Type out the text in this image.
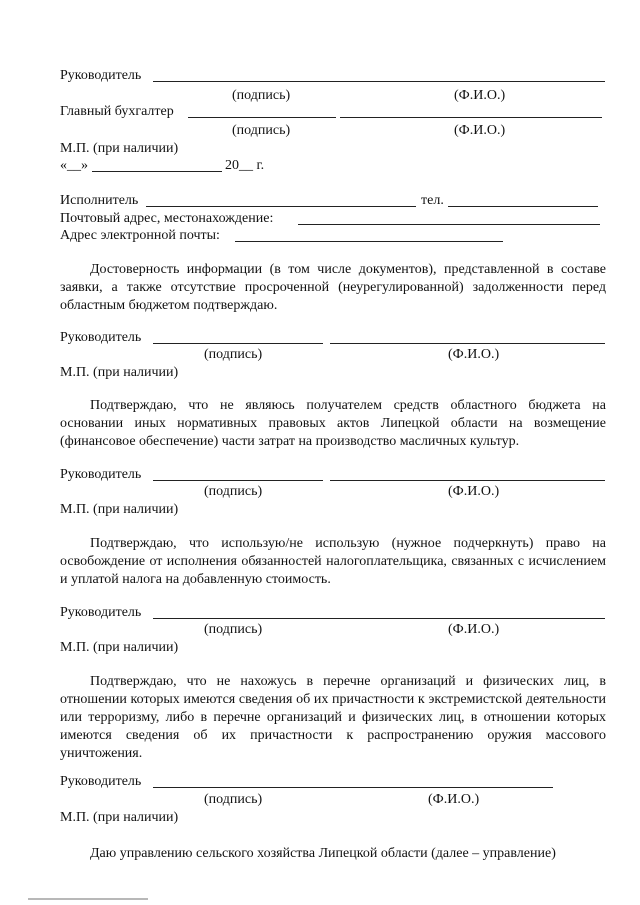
Руководитель
(подпись)	(Ф.И.О.)
Главный бухгалтер
(подпись)	(Ф.И.О.)
М.П. (при наличии)
«__»	20__ г.
Исполнитель	тел.
Почтовый адрес, местонахождение:
Адрес электронной почты:
Достоверность информации (в том числе документов), представленной в составе заявки, а также отсутствие просроченной (неурегулированной) задолженности перед областным бюджетом подтверждаю.
Руководитель
(подпись)	(Ф.И.О.)
М.П. (при наличии)
Подтверждаю, что не являюсь получателем средств областного бюджета на основании иных нормативных правовых актов Липецкой области на возмещение (финансовое обеспечение) части затрат на производство масличных культур.
Руководитель
(подпись)	(Ф.И.О.)
М.П. (при наличии)
Подтверждаю, что использую/не использую (нужное подчеркнуть) право на освобождение от исполнения обязанностей налогоплательщика, связанных с исчислением и уплатой налога на добавленную стоимость.
Руководитель
(подпись)	(Ф.И.О.)
М.П. (при наличии)
Подтверждаю, что не нахожусь в перечне организаций и физических лиц, в отношении которых имеются сведения об их причастности к экстремистской деятельности или терроризму, либо в перечне организаций и физических лиц, в отношении которых имеются сведения об их причастности к распространению оружия массового уничтожения.
Руководитель
(подпись)	(Ф.И.О.)
М.П. (при наличии)
Даю управлению сельского хозяйства Липецкой области (далее – управление)
